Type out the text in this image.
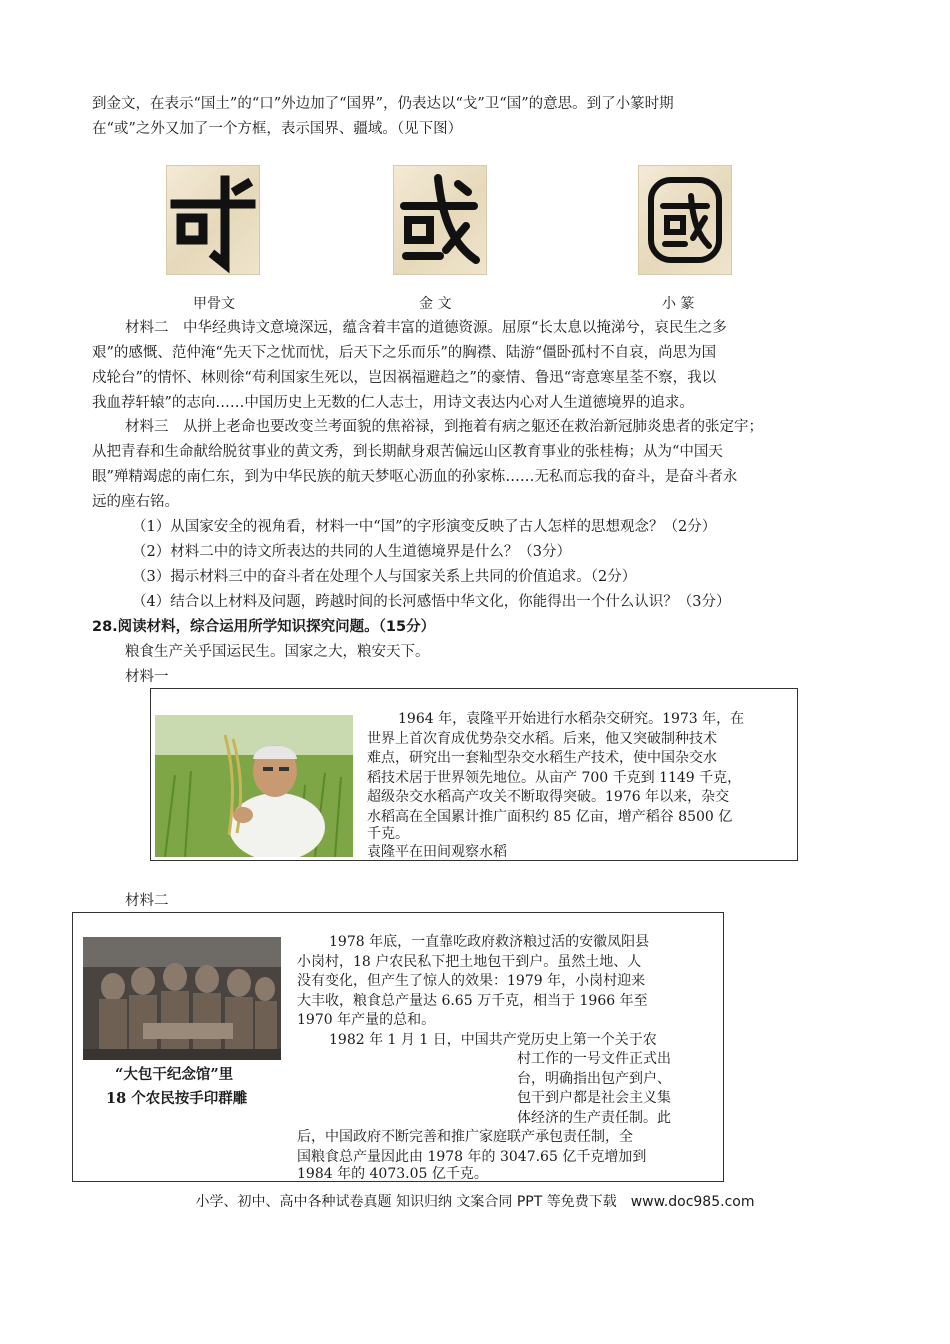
到金文，在表示“国土”的“口”外边加了“国界”，仍表达以“戈”卫“国”的意思。到了小篆时期
在“或”之外又加了一个方框，表示国界、疆域。（见下图）
甲骨文	金 文	小 篆
材料二　中华经典诗文意境深远，蕴含着丰富的道德资源。屈原“长太息以掩涕兮，哀民生之多
艰”的感慨、范仲淹“先天下之忧而忧，后天下之乐而乐”的胸襟、陆游“僵卧孤村不自哀，尚思为国
戍轮台”的情怀、林则徐“苟利国家生死以，岂因祸福避趋之”的豪情、鲁迅“寄意寒星荃不察，我以
我血荐轩辕”的志向……中国历史上无数的仁人志士，用诗文表达内心对人生道德境界的追求。
材料三　从拼上老命也要改变兰考面貌的焦裕禄，到拖着有病之躯还在救治新冠肺炎患者的张定宇；
从把青春和生命献给脱贫事业的黄文秀，到长期献身艰苦偏远山区教育事业的张桂梅；从为“中国天
眼”殚精竭虑的南仁东，到为中华民族的航天梦呕心沥血的孙家栋……无私而忘我的奋斗，是奋斗者永
远的座右铭。
（1）从国家安全的视角看，材料一中“国”的字形演变反映了古人怎样的思想观念？（2分）
（2）材料二中的诗文所表达的共同的人生道德境界是什么？（3分）
（3）揭示材料三中的奋斗者在处理个人与国家关系上共同的价值追求。（2分）
（4）结合以上材料及问题，跨越时间的长河感悟中华文化，你能得出一个什么认识？（3分）
28.阅读材料，综合运用所学知识探究问题。（15分）
粮食生产关乎国运民生。国家之大，粮安天下。
材料一
1964 年，袁隆平开始进行水稻杂交研究。1973 年，在
世界上首次育成优势杂交水稻。后来，他又突破制种技术
难点，研究出一套籼型杂交水稻生产技术，使中国杂交水
稻技术居于世界领先地位。从亩产 700 千克到 1149 千克，
超级杂交水稻高产攻关不断取得突破。1976 年以来，杂交
水稻高在全国累计推广面积约 85 亿亩，增产稻谷 8500 亿
千克。
袁隆平在田间观察水稻
材料二
“大包干纪念馆”里
18 个农民按手印群雕
1978 年底，一直靠吃政府救济粮过活的安徽凤阳县
小岗村，18 户农民私下把土地包干到户。虽然土地、人
没有变化，但产生了惊人的效果：1979 年，小岗村迎来
大丰收，粮食总产量达 6.65 万千克，相当于 1966 年至
1970 年产量的总和。
1982 年 1 月 1 日，中国共产党历史上第一个关于农
村工作的一号文件正式出
台，明确指出包产到户、
包干到户都是社会主义集
体经济的生产责任制。此
后，中国政府不断完善和推广家庭联产承包责任制，全
国粮食总产量因此由 1978 年的 3047.65 亿千克增加到
1984 年的 4073.05 亿千克。
小学、初中、高中各种试卷真题 知识归纳 文案合同 PPT 等免费下载　www.doc985.com
